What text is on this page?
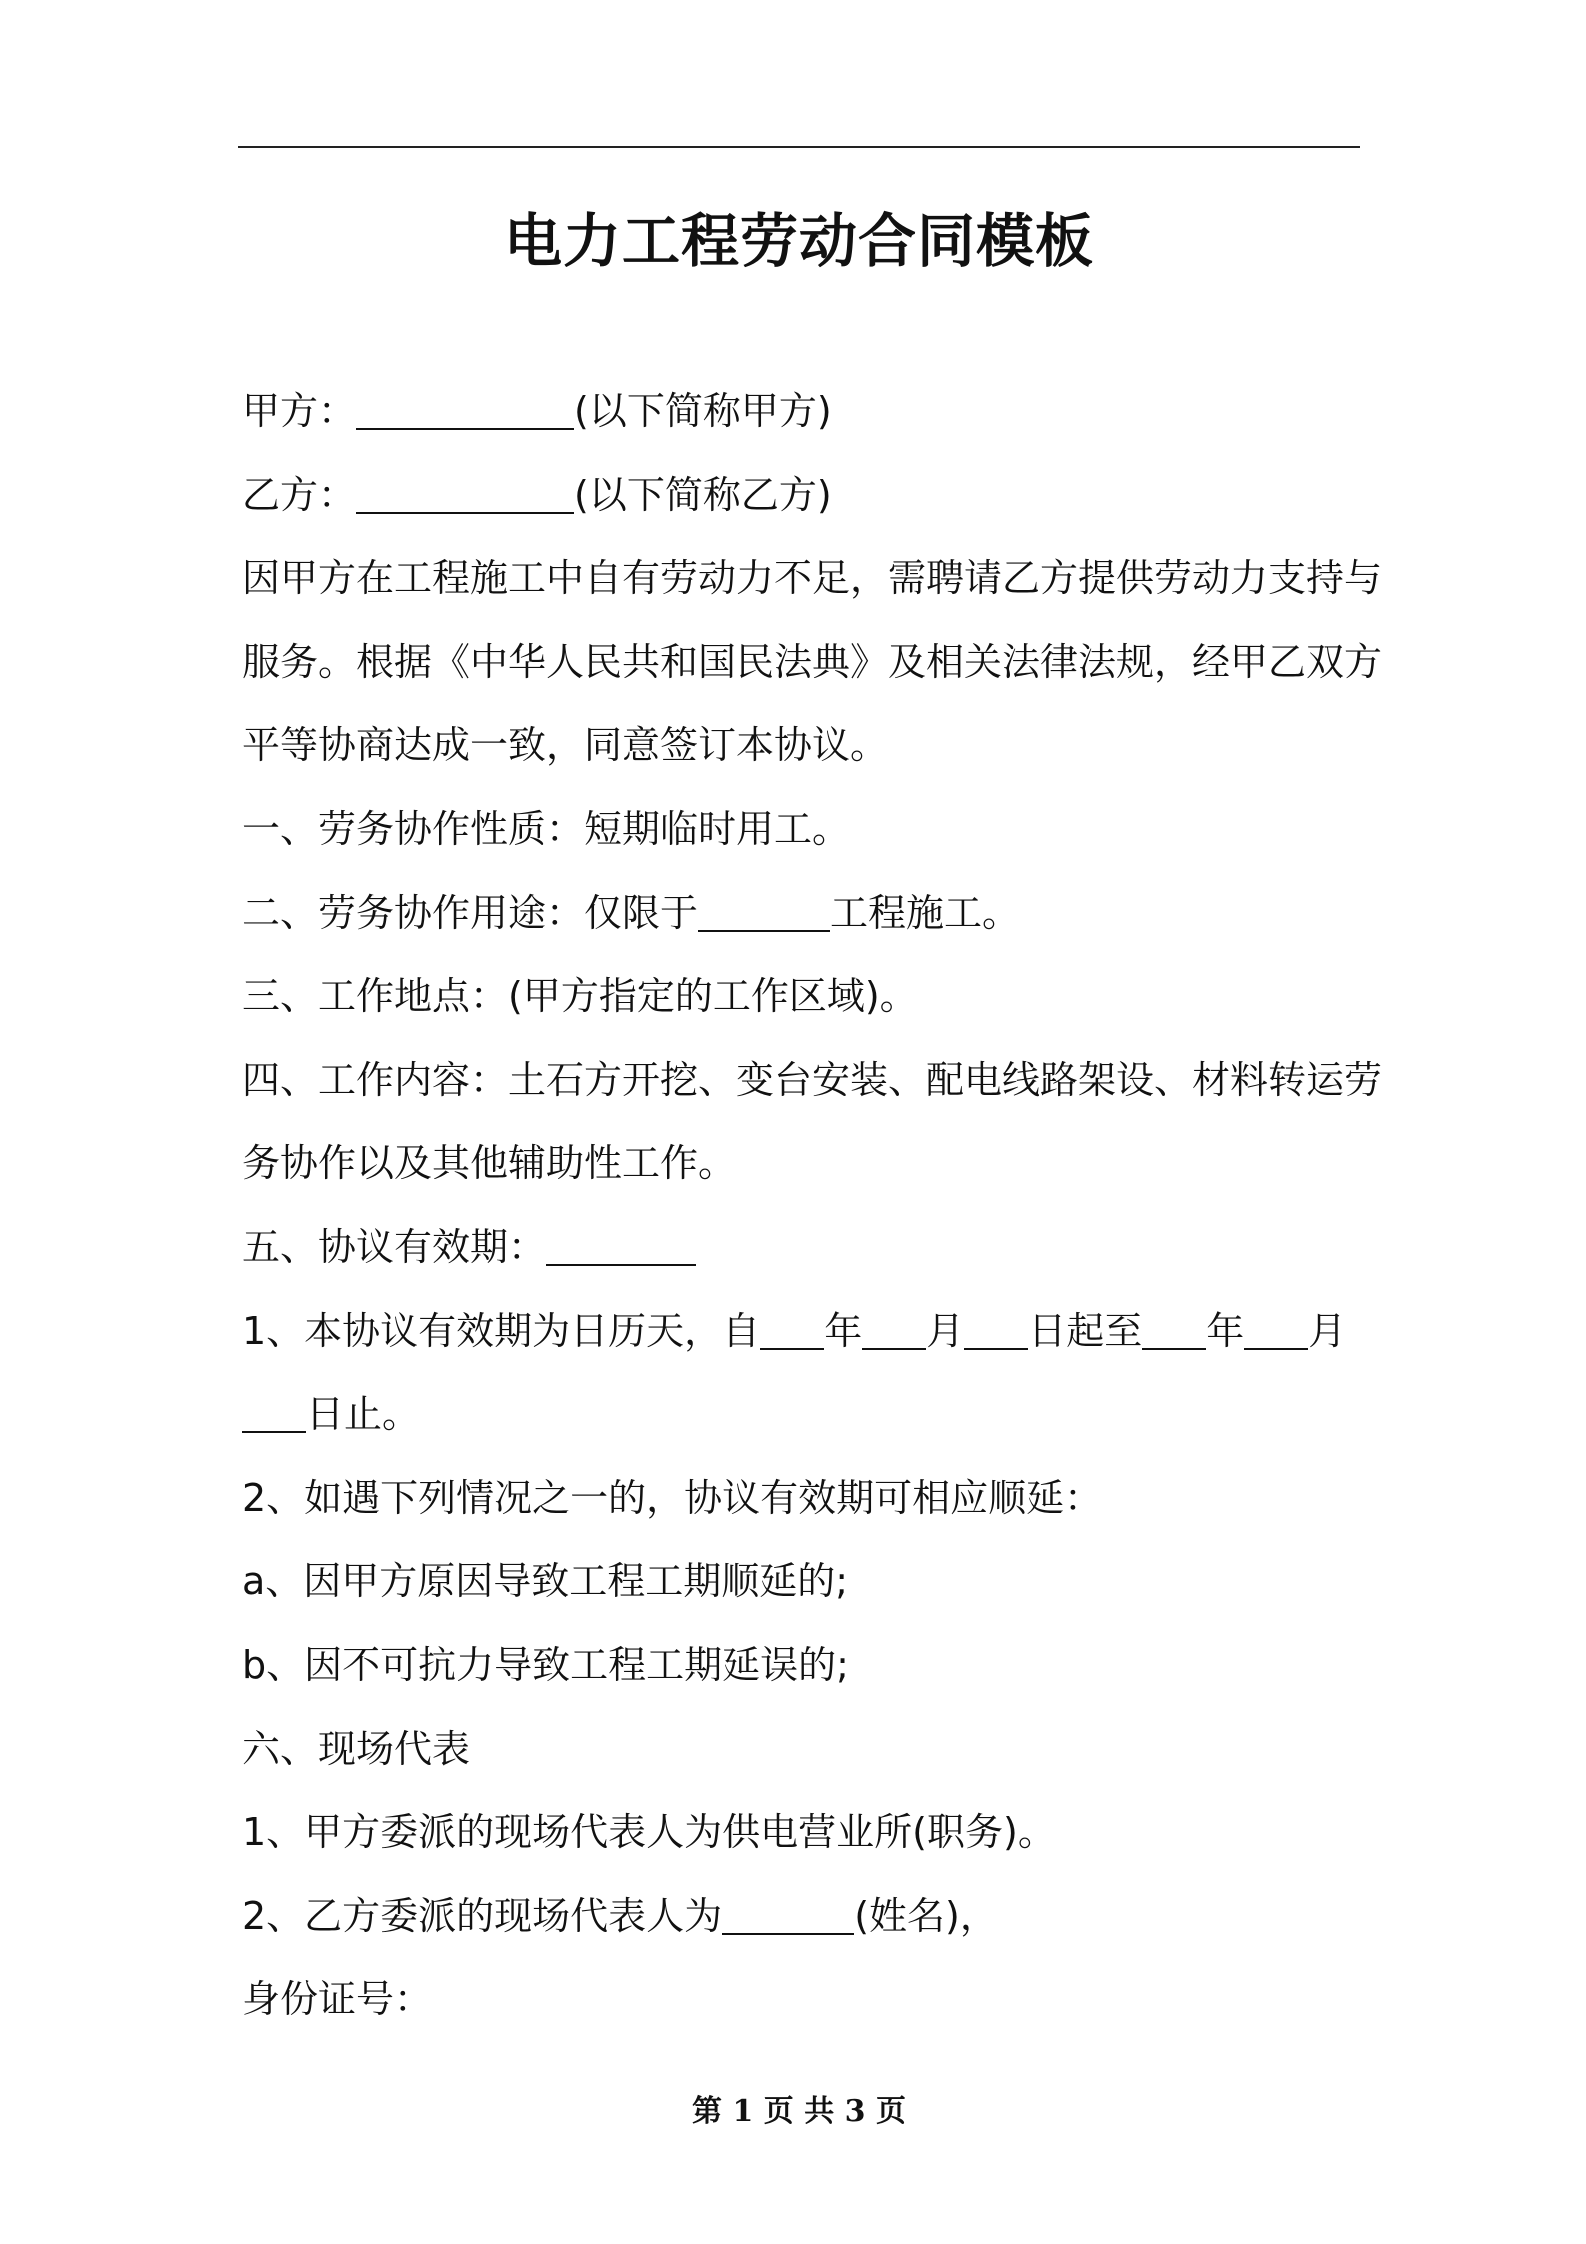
电力工程劳动合同模板
甲方：	(以下简称甲方)
乙方：	(以下简称乙方)
因甲方在工程施工中自有劳动力不足，需聘请乙方提供劳动力支持与
服务。根据《中华人民共和国民法典》及相关法律法规，经甲乙双方
平等协商达成一致，同意签订本协议。
一、劳务协作性质：短期临时用工。
二、劳务协作用途：仅限于	工程施工。
三、工作地点：(甲方指定的工作区域)。
四、工作内容：土石方开挖、变台安装、配电线路架设、材料转运劳
务协作以及其他辅助性工作。
五、协议有效期：
1、本协议有效期为日历天，自 年 月 日起至 年 月
日止。
2、如遇下列情况之一的，协议有效期可相应顺延：
a、因甲方原因导致工程工期顺延的;
b、因不可抗力导致工程工期延误的;
六、现场代表
1、甲方委派的现场代表人为供电营业所(职务)。
2、乙方委派的现场代表人为	(姓名)，
身份证号：
第 1 页 共 3 页
